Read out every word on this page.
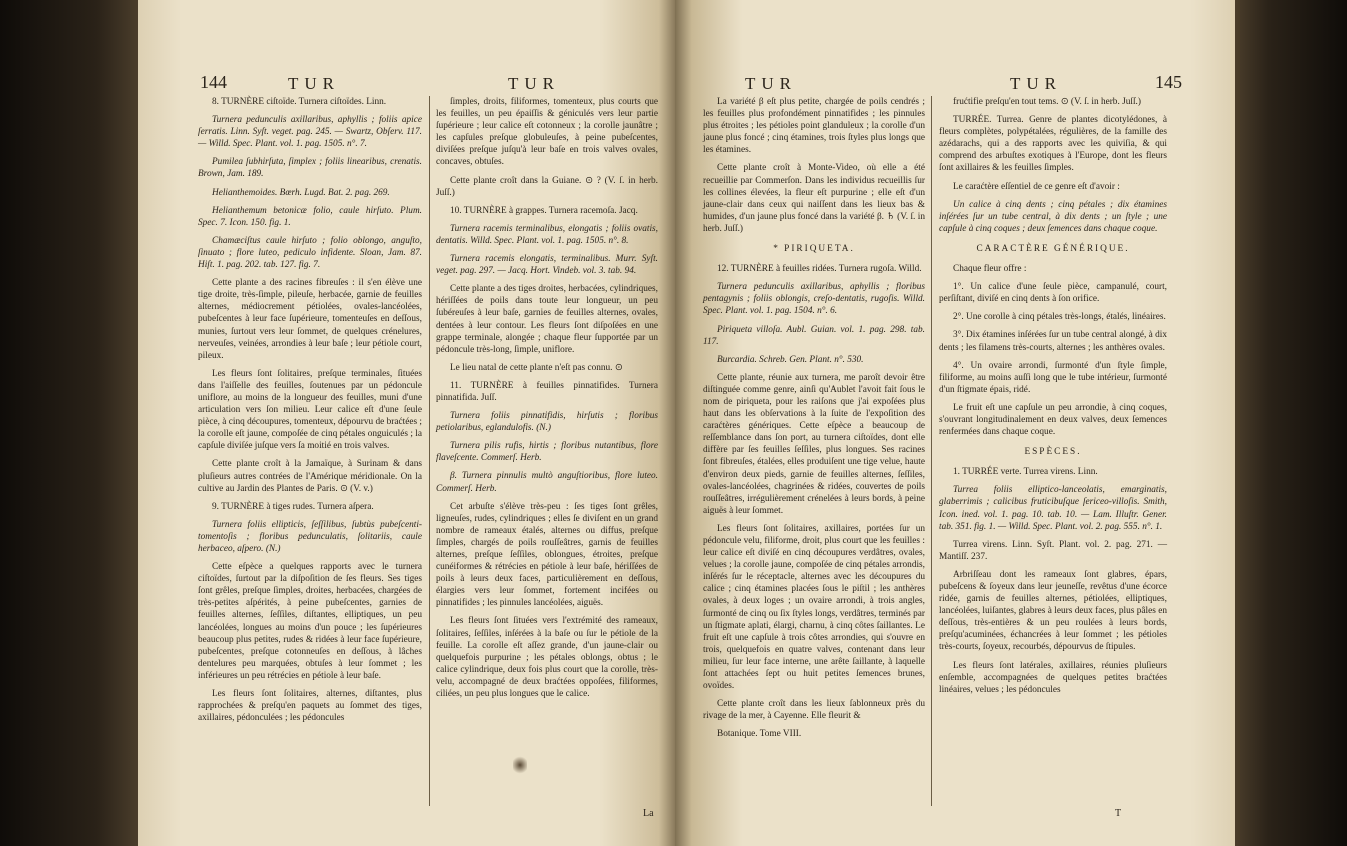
144	TUR	TUR

8. TURNÈRE ciſtoïde. Turnera ciſtoïdes. Linn.

Turnera pedunculis axillaribus, aphyllis ; foliis apice ſerratis. Linn. Syſt. veget. pag. 245. — Swartz, Obſerv. 117. — Willd. Spec. Plant. vol. 1. pag. 1505. n°. 7.

Pumilea ſubhirſuta, ſimplex ; foliis linearibus, crenatis. Brown, Jam. 189.

Helianthemoides. Bœrh. Lugd. Bat. 2. pag. 269.

Helianthemum betonicæ folio, caule hirſuto. Plum. Spec. 7. Icon. 150. fig. 1.

Chamæciſtus caule hirſuto ; folio oblongo, anguſto, ſinuato ; flore luteo, pediculo infidente. Sloan, Jam. 87. Hiſt. 1. pag. 202. tab. 127. fig. 7.

Cette plante a des racines fibreuſes : il s'en élève une tige droite, très-ſimple, pileuſe, herbacée, garnie de feuilles alternes, médiocrement pétiolées, ovales-lancéolées, pubeſcentes à leur face ſupérieure, tomenteuſes en deſſous, munies, ſurtout vers leur ſommet, de quelques crénelures, nerveuſes, veinées, arrondies à leur baſe ; leur pétiole court, pileux.

Les fleurs ſont ſolitaires, preſque terminales, ſituées dans l'aiſſelle des feuilles, ſoutenues par un pédoncule uniflore, au moins de la longueur des feuilles, muni d'une articulation vers ſon milieu. Leur calice eſt d'une ſeule pièce, à cinq découpures, tomenteux, dépourvu de braćtées ; la corolle eſt jaune, compoſée de cinq pétales onguiculés ; la capſule diviſée juſque vers ſa moitié en trois valves.

Cette plante croît à la Jamaïque, à Surinam & dans pluſieurs autres contrées de l'Amérique méridionale. On la cultive au Jardin des Plantes de Paris. ⊙ (V. v.)

9. TURNÈRE à tiges rudes. Turnera aſpera.

Turnera foliis ellipticis, ſeſſilibus, ſubtùs pubeſcenti-tomentoſis ; floribus pedunculatis, ſolitariis, caule herbaceo, aſpero. (N.)

Cette eſpèce a quelques rapports avec le turnera ciſtoïdes, ſurtout par la diſpoſition de ſes fleurs. Ses tiges ſont grêles, preſque ſimples, droites, herbacées, chargées de très-petites aſpérités, à peine pubeſcentes, garnies de feuilles alternes, ſeſſiles, diſtantes, elliptiques, un peu lancéolées, longues au moins d'un pouce ; les ſupérieures beaucoup plus petites, rudes & ridées à leur face ſupérieure, pubeſcentes, preſque cotonneuſes en deſſous, à lâches dentelures peu marquées, obtuſes à leur ſommet ; les inférieures un peu rétrécies en pétiole à leur baſe.

Les fleurs ſont ſolitaires, alternes, diſtantes, plus rapprochées & preſqu'en paquets au ſommet des tiges, axillaires, pédonculées ; les pédoncules

ſimples, droits, filiformes, tomenteux, plus courts que les feuilles, un peu épaiſſis & géniculés vers leur partie ſupérieure ; leur calice eſt cotonneux ; la corolle jaunâtre ; les capſules preſque globuleuſes, à peine pubeſcentes, diviſées preſque juſqu'à leur baſe en trois valves ovales, concaves, obtuſes.

Cette plante croît dans la Guiane. ⊙ ? (V. ſ. in herb. Juſſ.)

10. TURNÈRE à grappes. Turnera racemoſa. Jacq.

Turnera racemis terminalibus, elongatis ; foliis ovatis, dentatis. Willd. Spec. Plant. vol. 1. pag. 1505. n°. 8.

Turnera racemis elongatis, terminalibus. Murr. Syſt. veget. pag. 297. — Jacq. Hort. Vindeb. vol. 3. tab. 94.

Cette plante a des tiges droites, herbacées, cylindriques, hériſſées de poils dans toute leur longueur, un peu ſubéreuſes à leur baſe, garnies de feuilles alternes, ovales, dentées à leur contour. Les fleurs ſont diſpoſées en une grappe terminale, alongée ; chaque fleur ſupportée par un pédoncule très-long, ſimple, uniflore.

Le lieu natal de cette plante n'eſt pas connu. ⊙

11. TURNÈRE à feuilles pinnatifides. Turnera pinnatifida. Juſſ.

Turnera foliis pinnatifidis, hirſutis ; floribus petiolaribus, eglandulofis. (N.)

Turnera pilis rufis, hirtis ; floribus nutantibus, flore flaveſcente. Commerſ. Herb.

β. Turnera pinnulis multò anguſtioribus, flore luteo. Commerſ. Herb.

Cet arbuſte s'élève très-peu : ſes tiges ſont grêles, ligneuſes, rudes, cylindriques ; elles ſe diviſent en un grand nombre de rameaux étalés, alternes ou diffus, preſque ſimples, chargés de poils rouſſeâtres, garnis de feuilles alternes, preſque ſeſſiles, oblongues, étroites, preſque cunéiformes & rétrécies en pétiole à leur baſe, hériſſées de poils à leurs deux faces, particulièrement en deſſous, élargies vers leur ſommet, fortement incifées ou pinnatifides ; les pinnules lancéolées, aiguës.

Les fleurs ſont ſituées vers l'extrémité des rameaux, ſolitaires, ſeſſiles, inſérées à la baſe ou ſur le pétiole de la feuille. La corolle eſt aſſez grande, d'un jaune-clair ou quelquefois purpurine ; les pétales oblongs, obtus ; le calice cylindrique, deux fois plus court que la corolle, très-velu, accompagné de deux braćtées oppoſées, filiformes, ciliées, un peu plus longues que le calice.

La
TUR	TUR	145

La variété β eſt plus petite, chargée de poils cendrés ; les feuilles plus profondément pinnatifides ; les pinnules plus étroites ; les pétioles point glanduleux ; la corolle d'un jaune plus foncé ; cinq étamines, trois ſtyles plus longs que les étamines.

Cette plante croît à Monte-Video, où elle a été recueillie par Commerſon. Dans les individus recueillis ſur les collines élevées, la fleur eſt purpurine ; elle eſt d'un jaune-clair dans ceux qui naiſſent dans les lieux bas & humides, d'un jaune plus foncé dans la variété β. ♄ (V. ſ. in herb. Juſſ.)

* PIRIQUETA.

12. TURNÈRE à feuilles ridées. Turnera rugoſa. Willd.

Turnera pedunculis axillaribus, aphyllis ; floribus pentagynis ; foliis oblongis, creſo-dentatis, rugoſis. Willd. Spec. Plant. vol. 1. pag. 1504. n°. 6.

Piriqueta villoſa. Aubl. Guian. vol. 1. pag. 298. tab. 117.

Burcardia. Schreb. Gen. Plant. n°. 530.

Cette plante, réunie aux turnera, me paroît devoir être diſtinguée comme genre, ainſi qu'Aublet l'avoit fait ſous le nom de piriqueta, pour les raiſons que j'ai expoſées plus haut dans les obſervations à la ſuite de l'expoſition des caraćtères génériques. Cette eſpèce a beaucoup de reſſemblance dans ſon port, au turnera ciſtoïdes, dont elle diffère par ſes feuilles ſeſſiles, plus longues. Ses racines ſont fibreuſes, étalées, elles produiſent une tige velue, haute d'environ deux pieds, garnie de feuilles alternes, ſeſſiles, ovales-lancéolées, chagrinées & ridées, couvertes de poils rouſſeâtres, irrégulièrement crénelées à leurs bords, à peine aiguës à leur ſommet.

Les fleurs ſont ſolitaires, axillaires, portées ſur un pédoncule velu, filiforme, droit, plus court que les feuilles : leur calice eſt diviſé en cinq découpures verdâtres, ovales, velues ; la corolle jaune, compoſée de cinq pétales arrondis, inſérés ſur le réceptacle, alternes avec les découpures du calice ; cinq étamines placées ſous le piſtil ; les anthères ovales, à deux loges ; un ovaire arrondi, à trois angles, ſurmonté de cinq ou ſix ſtyles longs, verdâtres, terminés par un ſtigmate aplati, élargi, charnu, à cinq côtes ſaillantes. Le fruit eſt une capſule à trois côtes arrondies, qui s'ouvre en trois, quelquefois en quatre valves, contenant dans leur milieu, ſur leur face interne, une arête ſaillante, à laquelle ſont attachées ſept ou huit petites ſemences brunes, ovoïdes.

Cette plante croît dans les lieux ſablonneux près du rivage de la mer, à Cayenne. Elle fleurit &

Botanique. Tome VIII.

frućtifie preſqu'en tout tems. ⊙ (V. ſ. in herb. Juſſ.)

TURRÉE. Turrea. Genre de plantes dicotylédones, à fleurs complètes, polypétalées, régulières, de la famille des azédarachs, qui a des rapports avec les quiviſia, & qui comprend des arbuſtes exotiques à l'Europe, dont les fleurs ſont axillaires & les feuilles ſimples.

Le caraćtère eſſentiel de ce genre eſt d'avoir :

Un calice à cinq dents ; cinq pétales ; dix étamines inſérées ſur un tube central, à dix dents ; un ſtyle ; une capſule à cinq coques ; deux ſemences dans chaque coque.

CARACTÈRE GÉNÉRIQUE.

Chaque fleur offre :

1°. Un calice d'une ſeule pièce, campanulé, court, perſiſtant, diviſé en cinq dents à ſon orifice.

2°. Une corolle à cinq pétales très-longs, étalés, linéaires.

3°. Dix étamines inſérées ſur un tube central alongé, à dix dents ; les filamens très-courts, alternes ; les anthères ovales.

4°. Un ovaire arrondi, ſurmonté d'un ſtyle ſimple, filiforme, au moins auſſi long que le tube intérieur, ſurmonté d'un ſtigmate épais, ridé.

Le fruit eſt une capſule un peu arrondie, à cinq coques, s'ouvrant longitudinalement en deux valves, deux ſemences renfermées dans chaque coque.

ESPÈCES.

1. TURRÉE verte. Turrea virens. Linn.

Turrea foliis elliptico-lanceolatis, emarginatis, glaberrimis ; calicibus fruticibuſque ſericeo-villoſis. Smith, Icon. ined. vol. 1. pag. 10. tab. 10. — Lam. Illuſtr. Gener. tab. 351. fig. 1. — Willd. Spec. Plant. vol. 2. pag. 555. n°. 1.

Turrea virens. Linn. Syſt. Plant. vol. 2. pag. 271. — Mantiſſ. 237.

Arbriſſeau dont les rameaux ſont glabres, épars, pubeſcens & ſoyeux dans leur jeuneſſe, revêtus d'une écorce ridée, garnis de feuilles alternes, pétiolées, elliptiques, lancéolées, luiſantes, glabres à leurs deux faces, plus pâles en deſſous, très-entières & un peu roulées à leurs bords, preſqu'acuminées, échancrées à leur ſommet ; les pétioles très-courts, ſoyeux, recourbés, dépourvus de ſtipules.

Les fleurs ſont latérales, axillaires, réunies pluſieurs enſemble, accompagnées de quelques petites braćtées linéaires, velues ; les pédoncules

T
